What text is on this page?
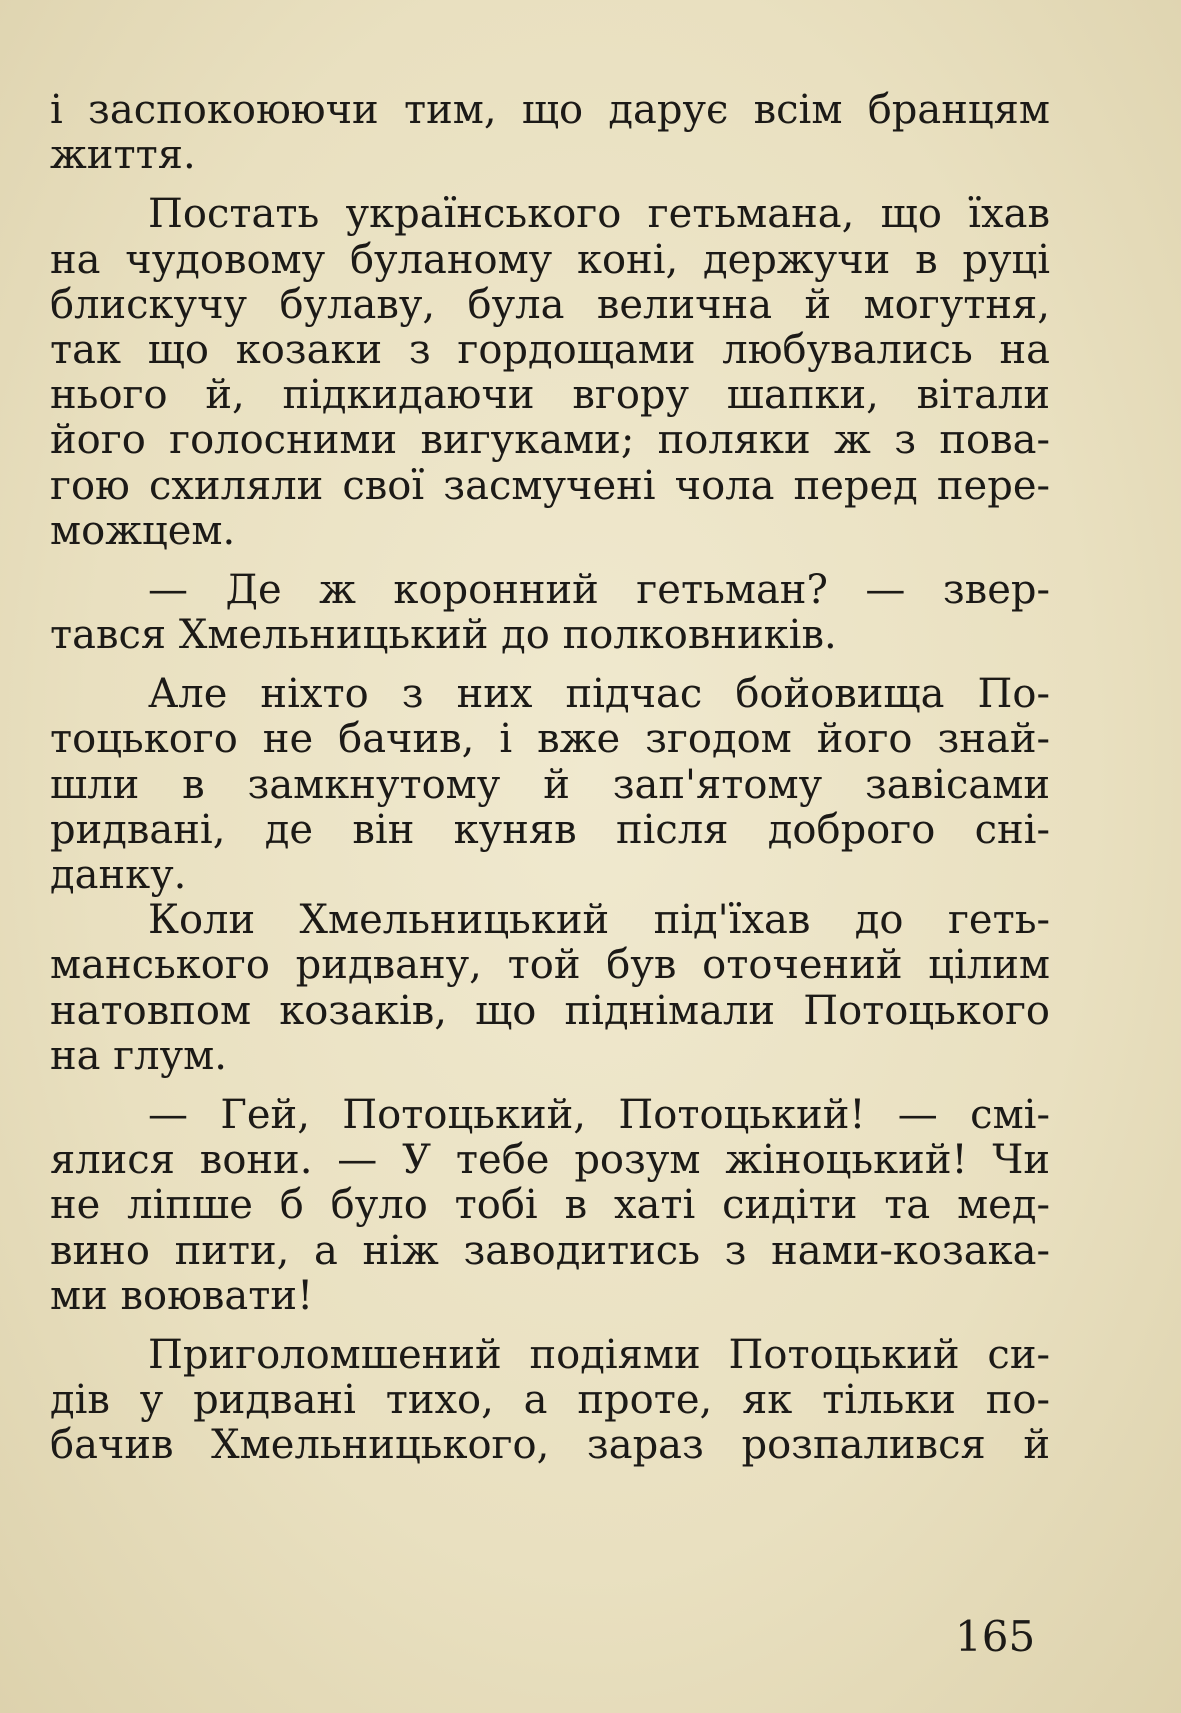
і заспокоюючи тим, що дарує всім бранцям
життя.
Постать українського гетьмана, що їхав
на чудовому буланому коні, держучи в руці
блискучу булаву, була велична й могутня,
так що козаки з гордощами любувались на
нього й, підкидаючи вгору шапки, вітали
його голосними вигуками; поляки ж з пова-
гою схиляли свої засмучені чола перед пере-
можцем.
— Де ж коронний гетьман? — звер-
тався Хмельницький до полковників.
Але ніхто з них підчас бойовища По-
тоцького не бачив, і вже згодом його знай-
шли в замкнутому й зап'ятому завісами
ридвані, де він куняв після доброго сні-
данку.
Коли Хмельницький під'їхав до геть-
манського ридвану, той був оточений цілим
натовпом козаків, що піднімали Потоцького
на глум.
— Гей, Потоцький, Потоцький! — смі-
ялися вони. — У тебе розум жіноцький! Чи
не ліпше б було тобі в хаті сидіти та мед-
вино пити, а ніж заводитись з нами-козака-
ми воювати!
Приголомшений подіями Потоцький си-
дів у ридвані тихо, а проте, як тільки по-
бачив Хмельницького, зараз розпалився й
165
